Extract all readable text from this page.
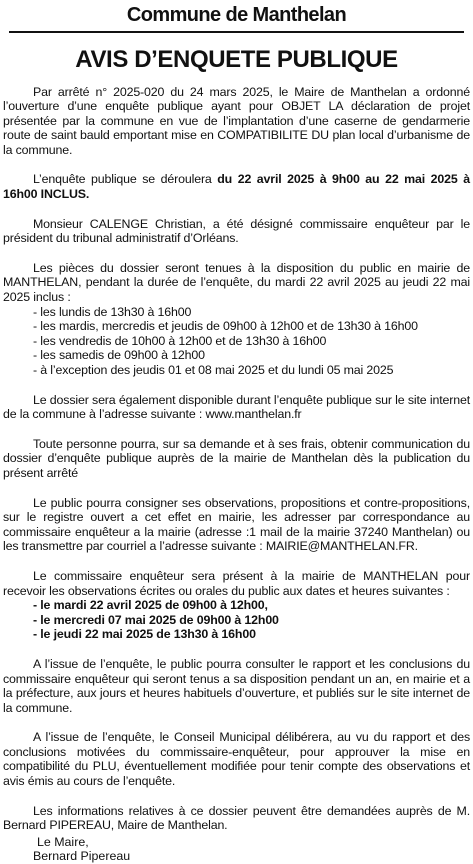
Commune de Manthelan
AVIS D’ENQUETE PUBLIQUE
Par arrêté n° 2025-020 du 24 mars 2025, le Maire de Manthelan a ordonné l’ouverture d’une enquête publique ayant pour OBJET LA déclaration de projet présentée par la commune en vue de l’implantation d’une caserne de gendarmerie route de saint bauld emportant mise en COMPATIBILITE DU plan local d’urbanisme de la commune.
L’enquête publique se déroulera du 22 avril 2025 à 9h00 au 22 mai 2025 à 16h00 INCLUS.
Monsieur CALENGE Christian, a été désigné commissaire enquêteur par le président du tribunal administratif d’Orléans.
Les pièces du dossier seront tenues à la disposition du public en mairie de MANTHELAN, pendant la durée de l’enquête, du mardi 22 avril 2025 au jeudi 22 mai 2025 inclus :
- les lundis de 13h30 à 16h00
- les mardis, mercredis et jeudis de 09h00 à 12h00 et de 13h30 à 16h00
- les vendredis de 10h00 à 12h00 et de 13h30 à 16h00
- les samedis de 09h00 à 12h00
- à l’exception des jeudis 01 et 08 mai 2025 et du lundi 05 mai 2025
Le dossier sera également disponible durant l’enquête publique sur le site internet de la commune à l’adresse suivante : www.manthelan.fr
Toute personne pourra, sur sa demande et à ses frais, obtenir communication du dossier d’enquête publique auprès de la mairie de Manthelan dès la publication du présent arrêté
Le public pourra consigner ses observations, propositions et contre-propositions, sur le registre ouvert a cet effet en mairie, les adresser par correspondance au commissaire enquêteur a la mairie (adresse :1 mail de la mairie 37240 Manthelan) ou les transmettre par courriel a l’adresse suivante : MAIRIE@MANTHELAN.FR.
Le commissaire enquêteur sera présent à la mairie de MANTHELAN pour recevoir les observations écrites ou orales du public aux dates et heures suivantes :
- le mardi 22 avril 2025 de 09h00 à 12h00,
- le mercredi 07 mai 2025 de 09h00 à 12h00
- le jeudi 22 mai 2025 de 13h30 à 16h00
A l’issue de l’enquête, le public pourra consulter le rapport et les conclusions du commissaire enquêteur qui seront tenus a sa disposition pendant un an, en mairie et a la préfecture, aux jours et heures habituels d’ouverture, et publiés sur le site internet de la commune.
A l’issue de l’enquête, le Conseil Municipal délibérera, au vu du rapport et des conclusions motivées du commissaire-enquêteur, pour approuver la mise en compatibilité du PLU, éventuellement modifiée pour tenir compte des observations et avis émis au cours de l’enquête.
Les informations relatives à ce dossier peuvent être demandées auprès de M. Bernard PIPEREAU, Maire de Manthelan.
Le Maire,
Bernard Pipereau
